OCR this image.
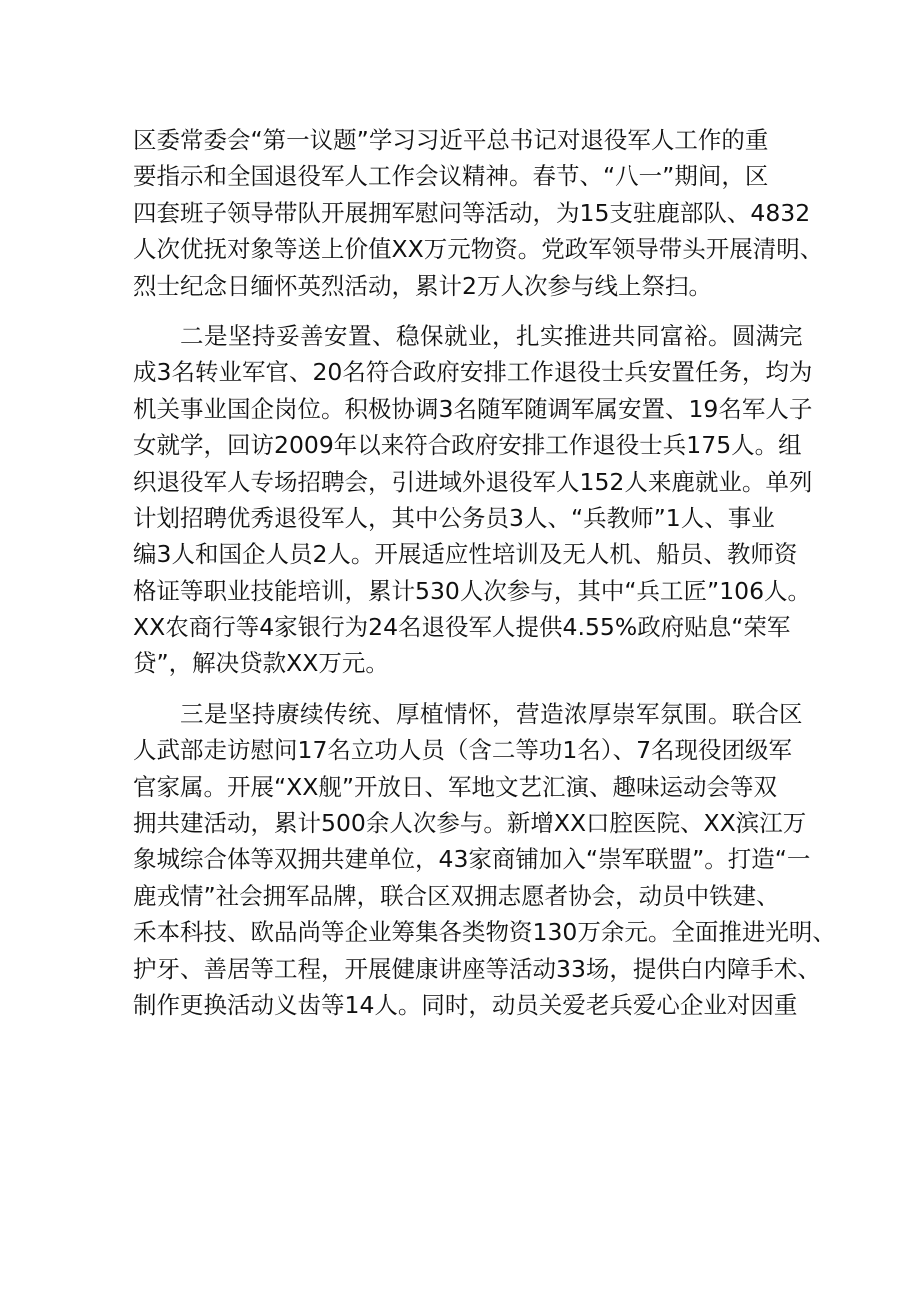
区委常委会“第一议题”学习习近平总书记对退役军人工作的重
要指示和全国退役军人工作会议精神。春节、“八一”期间，区
四套班子领导带队开展拥军慰问等活动，为15支驻鹿部队、4832
人次优抚对象等送上价值XX万元物资。党政军领导带头开展清明、
烈士纪念日缅怀英烈活动，累计2万人次参与线上祭扫。
二是坚持妥善安置、稳保就业，扎实推进共同富裕。圆满完
成3名转业军官、20名符合政府安排工作退役士兵安置任务，均为
机关事业国企岗位。积极协调3名随军随调军属安置、19名军人子
女就学，回访2009年以来符合政府安排工作退役士兵175人。组
织退役军人专场招聘会，引进域外退役军人152人来鹿就业。单列
计划招聘优秀退役军人，其中公务员3人、“兵教师”1人、事业
编3人和国企人员2人。开展适应性培训及无人机、船员、教师资
格证等职业技能培训，累计530人次参与，其中“兵工匠”106人。
XX农商行等4家银行为24名退役军人提供4.55%政府贴息“荣军
贷”，解决贷款XX万元。
三是坚持赓续传统、厚植情怀，营造浓厚崇军氛围。联合区
人武部走访慰问17名立功人员（含二等功1名）、7名现役团级军
官家属。开展“XX舰”开放日、军地文艺汇演、趣味运动会等双
拥共建活动，累计500余人次参与。新增XX口腔医院、XX滨江万
象城综合体等双拥共建单位，43家商铺加入“崇军联盟”。打造“一
鹿戎情”社会拥军品牌，联合区双拥志愿者协会，动员中铁建、
禾本科技、欧品尚等企业筹集各类物资130万余元。全面推进光明、
护牙、善居等工程，开展健康讲座等活动33场，提供白内障手术、
制作更换活动义齿等14人。同时，动员关爱老兵爱心企业对因重
